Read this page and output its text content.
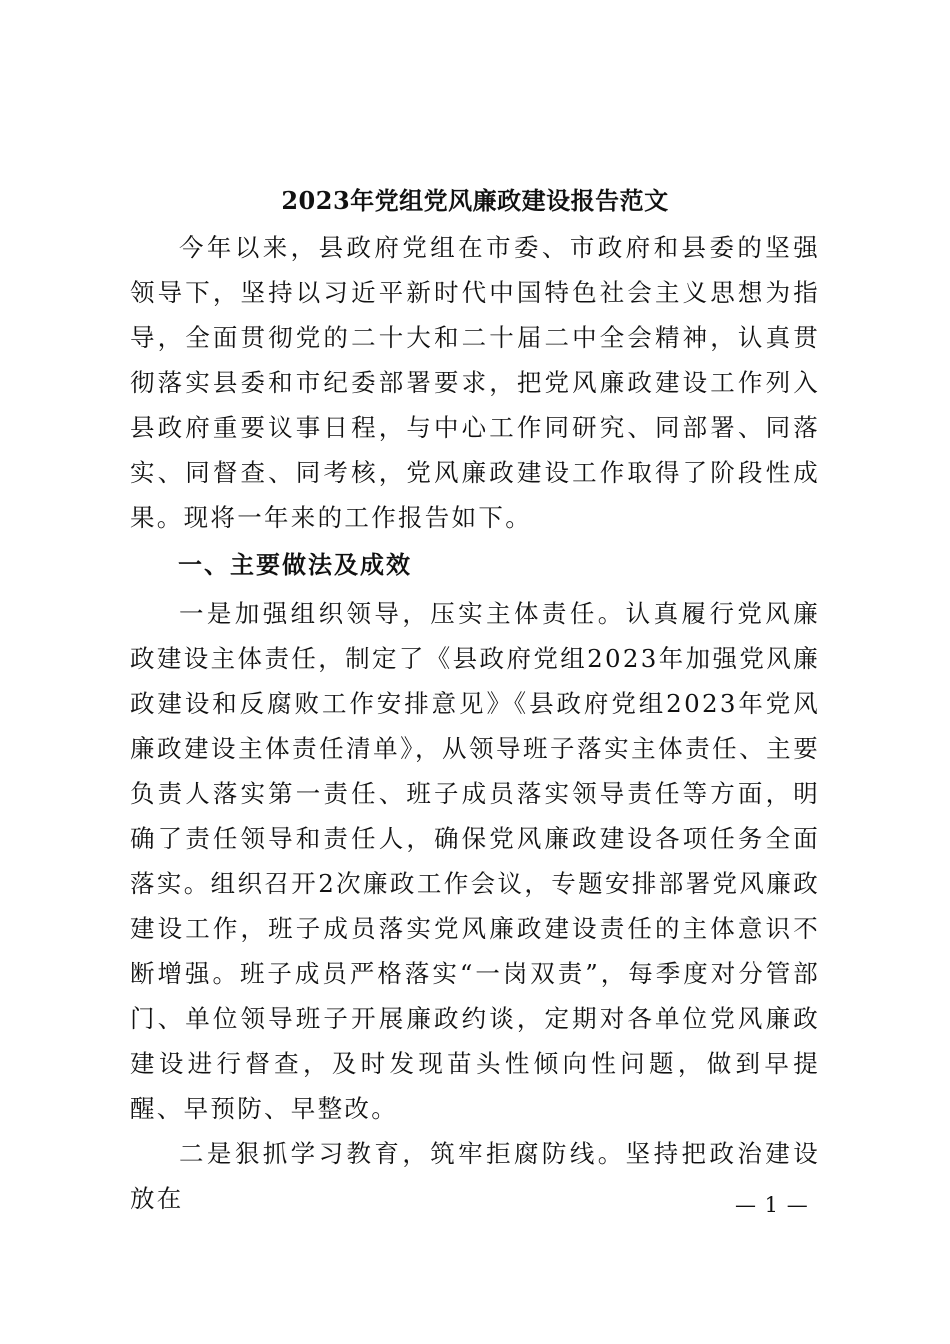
2023年党组党风廉政建设报告范文

今年以来，县政府党组在市委、市政府和县委的坚强领导下，坚持以习近平新时代中国特色社会主义思想为指导，全面贯彻党的二十大和二十届二中全会精神，认真贯彻落实县委和市纪委部署要求，把党风廉政建设工作列入县政府重要议事日程，与中心工作同研究、同部署、同落实、同督查、同考核，党风廉政建设工作取得了阶段性成果。现将一年来的工作报告如下。

一、主要做法及成效

一是加强组织领导，压实主体责任。认真履行党风廉政建设主体责任，制定了《县政府党组2023年加强党风廉政建设和反腐败工作安排意见》《县政府党组2023年党风廉政建设主体责任清单》，从领导班子落实主体责任、主要负责人落实第一责任、班子成员落实领导责任等方面，明确了责任领导和责任人，确保党风廉政建设各项任务全面落实。组织召开2次廉政工作会议，专题安排部署党风廉政建设工作，班子成员落实党风廉政建设责任的主体意识不断增强。班子成员严格落实“一岗双责”，每季度对分管部门、单位领导班子开展廉政约谈，定期对各单位党风廉政建设进行督查，及时发现苗头性倾向性问题，做到早提醒、早预防、早整改。

二是狠抓学习教育，筑牢拒腐防线。坚持把政治建设放在	— 1 —
